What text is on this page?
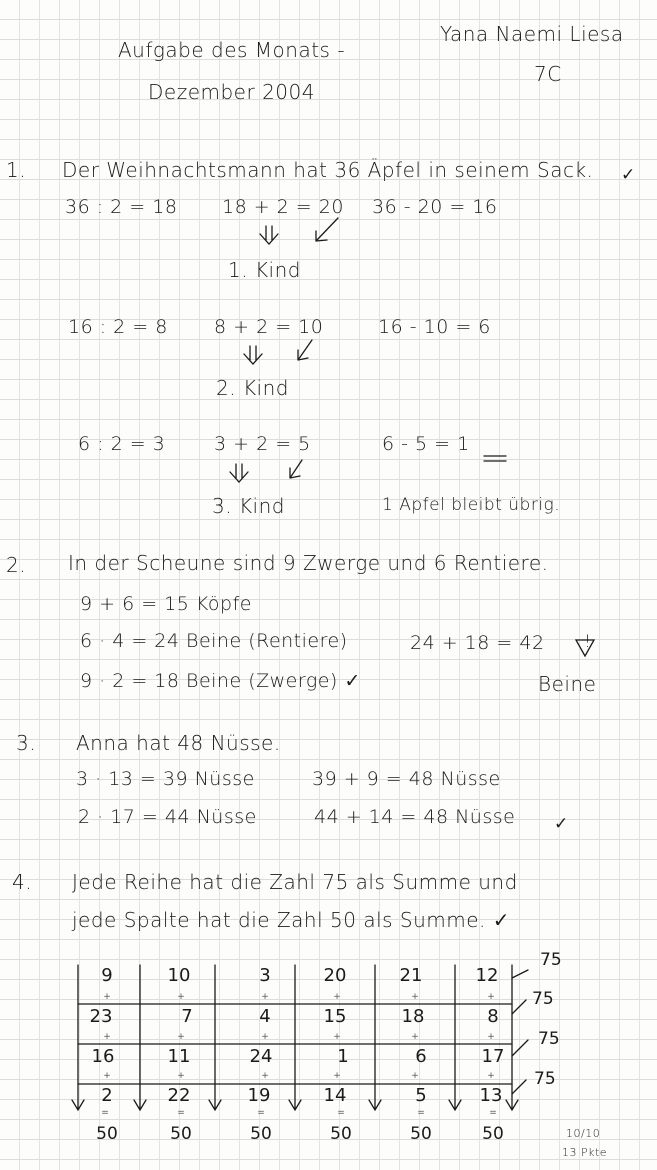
Aufgabe des Monats -
Dezember 2004
Yana Naemi Liesa
7C
1. Der Weihnachtsmann hat 36 Äpfel in seinem Sack. ✓
36 : 2 = 18 18 + 2 = 20 36 - 20 = 16
1. Kind
16 : 2 = 8 8 + 2 = 10	16 - 10 = 6
2. Kind
6 : 2 = 3	3 + 2 = 5	6 - 5 = 1
3. Kind	1 Apfel bleibt übrig.
2. In der Scheune sind 9 Zwerge und 6 Rentiere.
9 + 6 = 15 Köpfe
6 · 4 = 24 Beine (Rentiere)	24 + 18 = 42
9 · 2 = 18 Beine (Zwerge) ✓	Beine
!
3. Anna hat 48 Nüsse.
3 · 13 = 39 Nüsse	39 + 9 = 48 Nüsse
2 · 17 = 44 Nüsse	44 + 14 = 48 Nüsse ✓
4. Jede Reihe hat die Zahl 75 als Summe und
jede Spalte hat die Zahl 50 als Summe. ✓
9	10	3	20	21	12
23	7	4	15	18	8
16	11	24	1	6	17
2	22	19	14	5	13
+	+	+	+	+	+
+	+	+	+	+	+
+	+	+	+	+	+
=	=	=	=	=	=
50	50	50	50	50	50
75
75
75
75
10/10
13 Pkte
